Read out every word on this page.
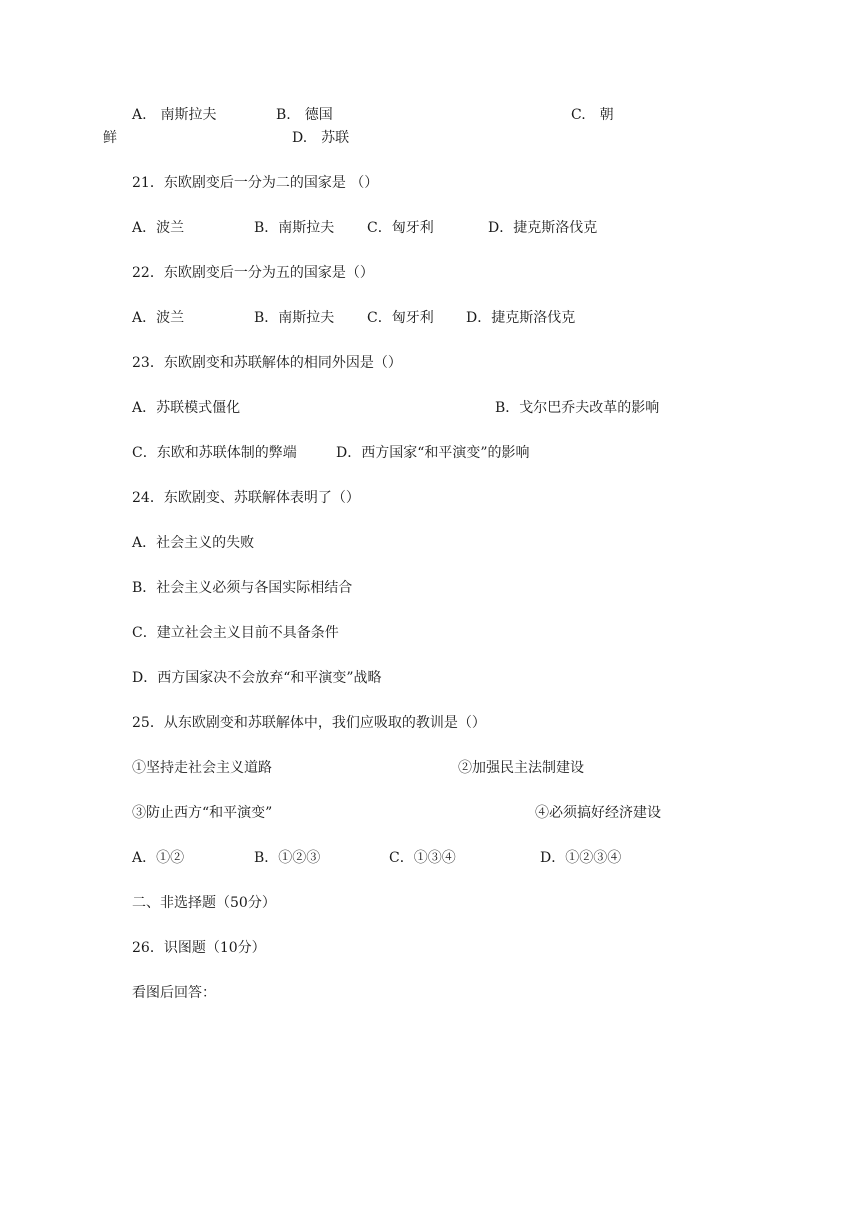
A.　南斯拉夫	B.　德国	C.　朝
鲜	D.　苏联
21．东欧剧变后一分为二的国家是 （）
A．波兰	B．南斯拉夫 C．匈牙利	D．捷克斯洛伐克
22．东欧剧变后一分为五的国家是（）
A．波兰	B．南斯拉夫 C．匈牙利 D．捷克斯洛伐克
23．东欧剧变和苏联解体的相同外因是（）
A．苏联模式僵化	B．戈尔巴乔夫改革的影响
C．东欧和苏联体制的弊端	D．西方国家“和平演变”的影响
24．东欧剧变、苏联解体表明了（）
A．社会主义的失败
B．社会主义必须与各国实际相结合
C．建立社会主义目前不具备条件
D．西方国家决不会放弃“和平演变”战略
25．从东欧剧变和苏联解体中，我们应吸取的教训是（）
①坚持走社会主义道路	②加强民主法制建设
③防止西方“和平演变”	④必须搞好经济建设
A．①②	B．①②③	C．①③④	D．①②③④
二、非选择题（50分）
26．识图题（10分）
看图后回答：
